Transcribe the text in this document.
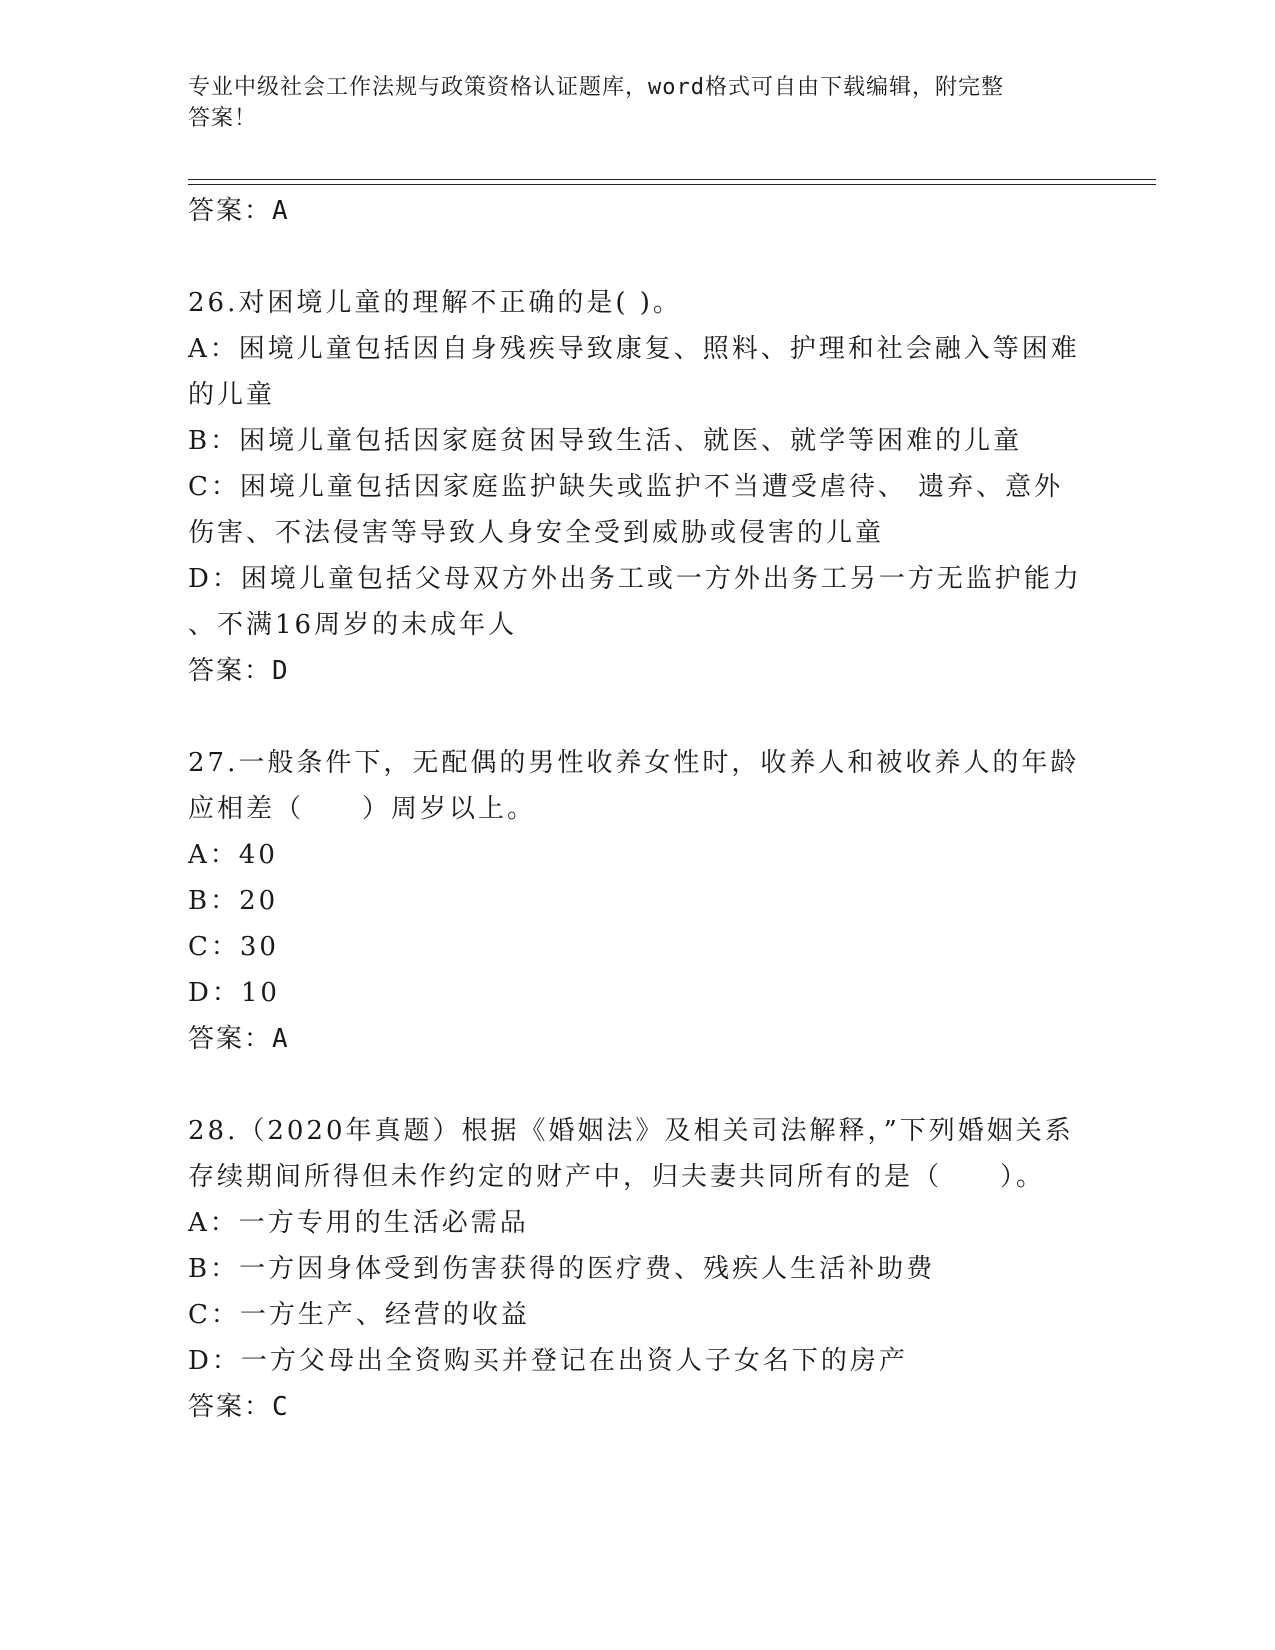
专业中级社会工作法规与政策资格认证题库，word格式可自由下载编辑，附完整
答案！
答案：A
26.对困境儿童的理解不正确的是( )。
A：困境儿童包括因自身残疾导致康复、照料、护理和社会融入等困难
的儿童
B：困境儿童包括因家庭贫困导致生活、就医、就学等困难的儿童
C：困境儿童包括因家庭监护缺失或监护不当遭受虐待、 遗弃、意外
伤害、不法侵害等导致人身安全受到威胁或侵害的儿童
D：困境儿童包括父母双方外出务工或一方外出务工另一方无监护能力
、不满16周岁的未成年人
答案：D
27.一般条件下，无配偶的男性收养女性时，收养人和被收养人的年龄
应相差（　　）周岁以上。
A：40
B：20
C：30
D：10
答案：A
28.（2020年真题）根据《婚姻法》及相关司法解释，”下列婚姻关系
存续期间所得但未作约定的财产中，归夫妻共同所有的是（　　）。
A：一方专用的生活必需品
B：一方因身体受到伤害获得的医疗费、残疾人生活补助费
C：一方生产、经营的收益
D：一方父母出全资购买并登记在出资人子女名下的房产
答案：C
